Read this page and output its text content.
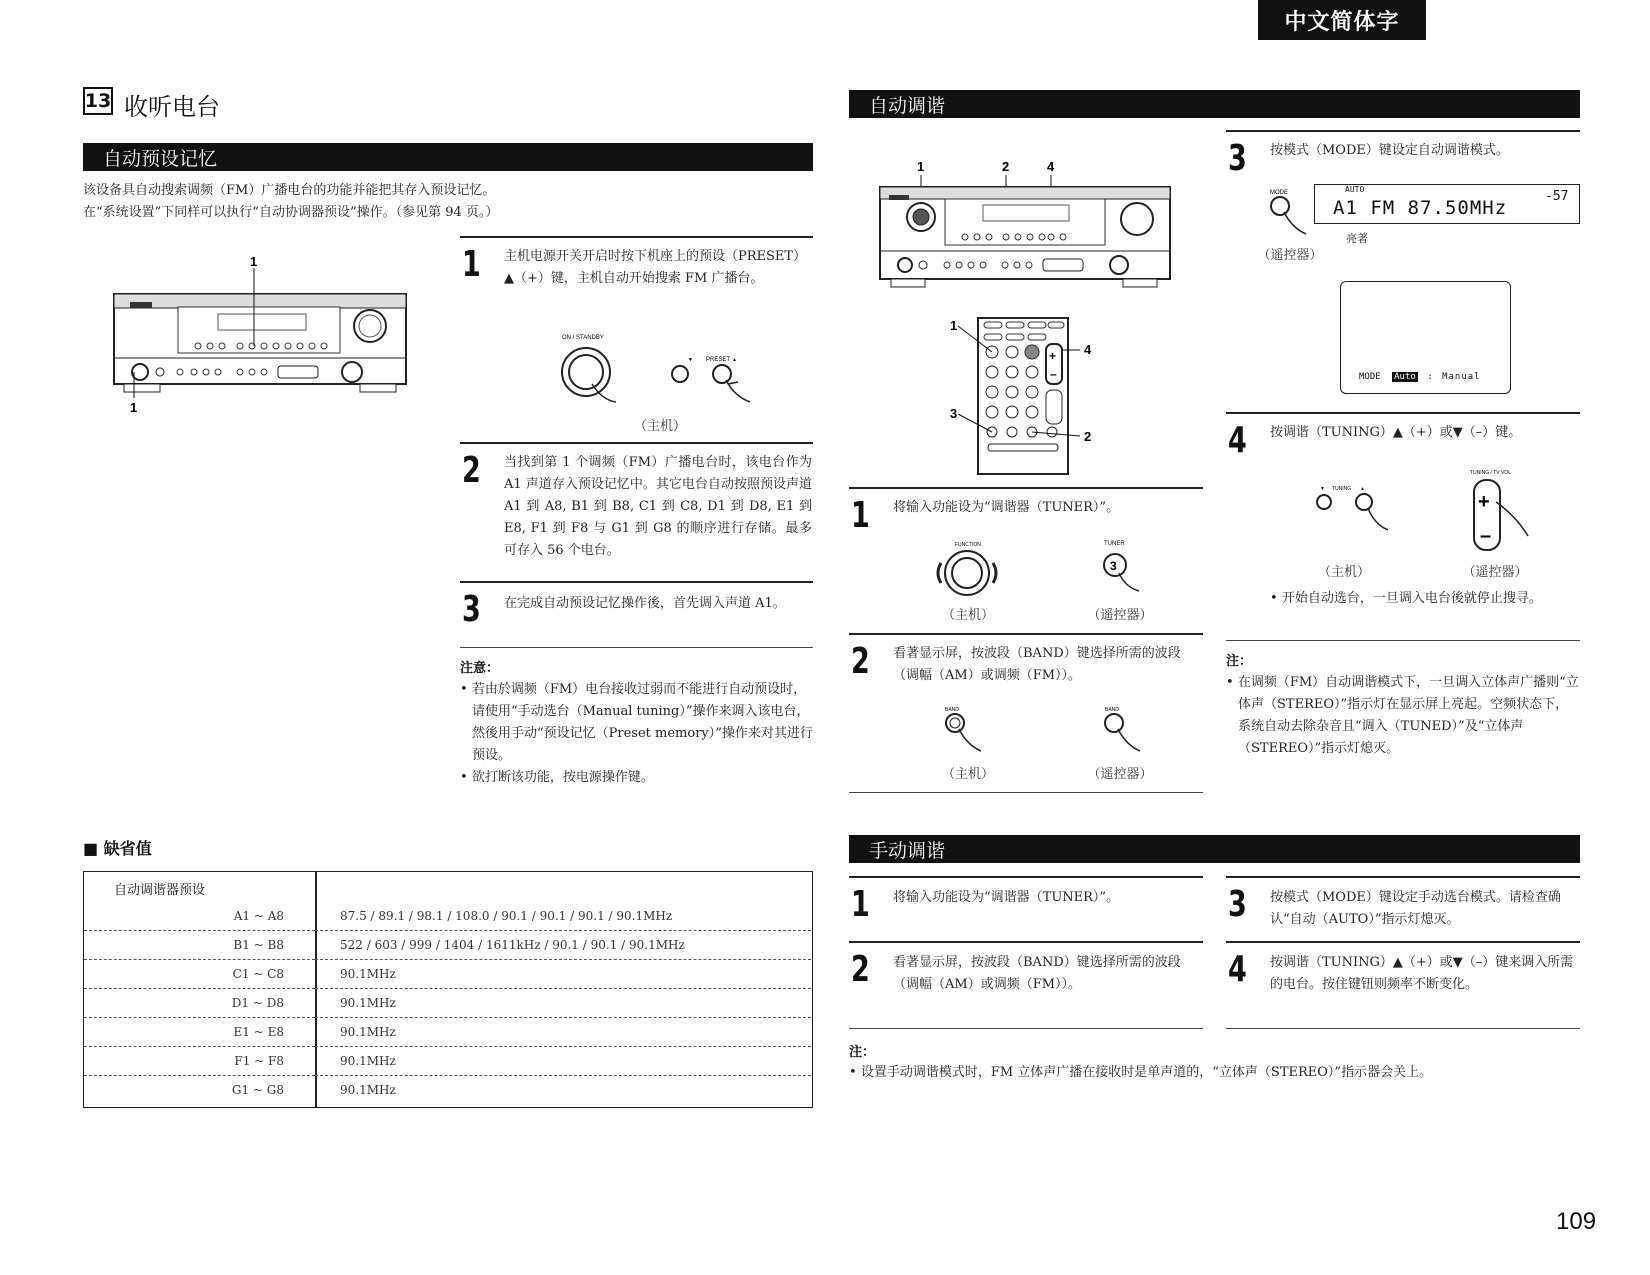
中文简体字
13 收听电台
自动预设记忆
该设备具自动搜索调频（FM）广播电台的功能并能把其存入预设记忆。
在“系统设置”下同样可以执行“自动协调器预设”操作。（参见第 94 页。）
1
1
1 主机电源开关开启时按下机座上的预设（PRESET）▲（+）键，主机自动开始搜索 FM 广播台。
ON / STANDBY
▼ PRESET ▲
（主机）
2 当找到第 1 个调频（FM）广播电台时，该电台作为 A1 声道存入预设记忆中。其它电台自动按照预设声道 A1 到 A8, B1 到 B8, C1 到 C8, D1 到 D8, E1 到 E8, F1 到 F8 与 G1 到 G8 的顺序进行存储。最多可存入 56 个电台。
3 在完成自动预设记忆操作後，首先调入声道 A1。
注意：
• 若由於调频（FM）电台接收过弱而不能进行自动预设时，请使用“手动选台（Manual tuning）”操作来调入该电台，然後用手动“预设记忆（Preset memory）”操作来对其进行预设。
• 欲打断该功能，按电源操作键。
■ 缺省值
自动调谐器预设
A1 ~ A8	87.5 / 89.1 / 98.1 / 108.0 / 90.1 / 90.1 / 90.1 / 90.1MHz
B1 ~ B8	522 / 603 / 999 / 1404 / 1611kHz / 90.1 / 90.1 / 90.1MHz
C1 ~ C8	90.1MHz
D1 ~ D8	90.1MHz
E1 ~ E8	90.1MHz
F1 ~ F8	90.1MHz
G1 ~ G8	90.1MHz
自动调谐
1	2	4
+
–
1
3
4
2
1 将输入功能设为“调谐器（TUNER）”。
FUNCTION	TUNER
3
（主机）	（遥控器）
2 看著显示屏，按波段（BAND）键选择所需的波段（调幅（AM）或调频（FM））。
BAND	BAND
（主机）	（遥控器）
3 按模式（MODE）键设定自动调谐模式。
MODE
（遥控器）
AUTO
A1 FM 87.50MHz
-57
亮著
MODE Auto : Manual
4 按调谐（TUNING）▲（+）或▼（–）键。
▼ TUNING ▲
TUNING / TV VOL
+
–
（主机）	（遥控器）
• 开始自动选台，一旦调入电台後就停止搜寻。
注：
• 在调频（FM）自动调谐模式下，一旦调入立体声广播则“立体声（STEREO）”指示灯在显示屏上亮起。空频状态下，系统自动去除杂音且“调入（TUNED）”及“立体声（STEREO）”指示灯熄灭。
手动调谐
1 将输入功能设为“调谐器（TUNER）”。
2 看著显示屏，按波段（BAND）键选择所需的波段（调幅（AM）或调频（FM））。
3 按模式（MODE）键设定手动选台模式。请检查确认“自动（AUTO）”指示灯熄灭。
4 按调谐（TUNING）▲（+）或▼（–）键来调入所需的电台。按住键钮则频率不断变化。
注：
• 设置手动调谐模式时，FM 立体声广播在接收时是单声道的，“立体声（STEREO）”指示器会关上。
109
